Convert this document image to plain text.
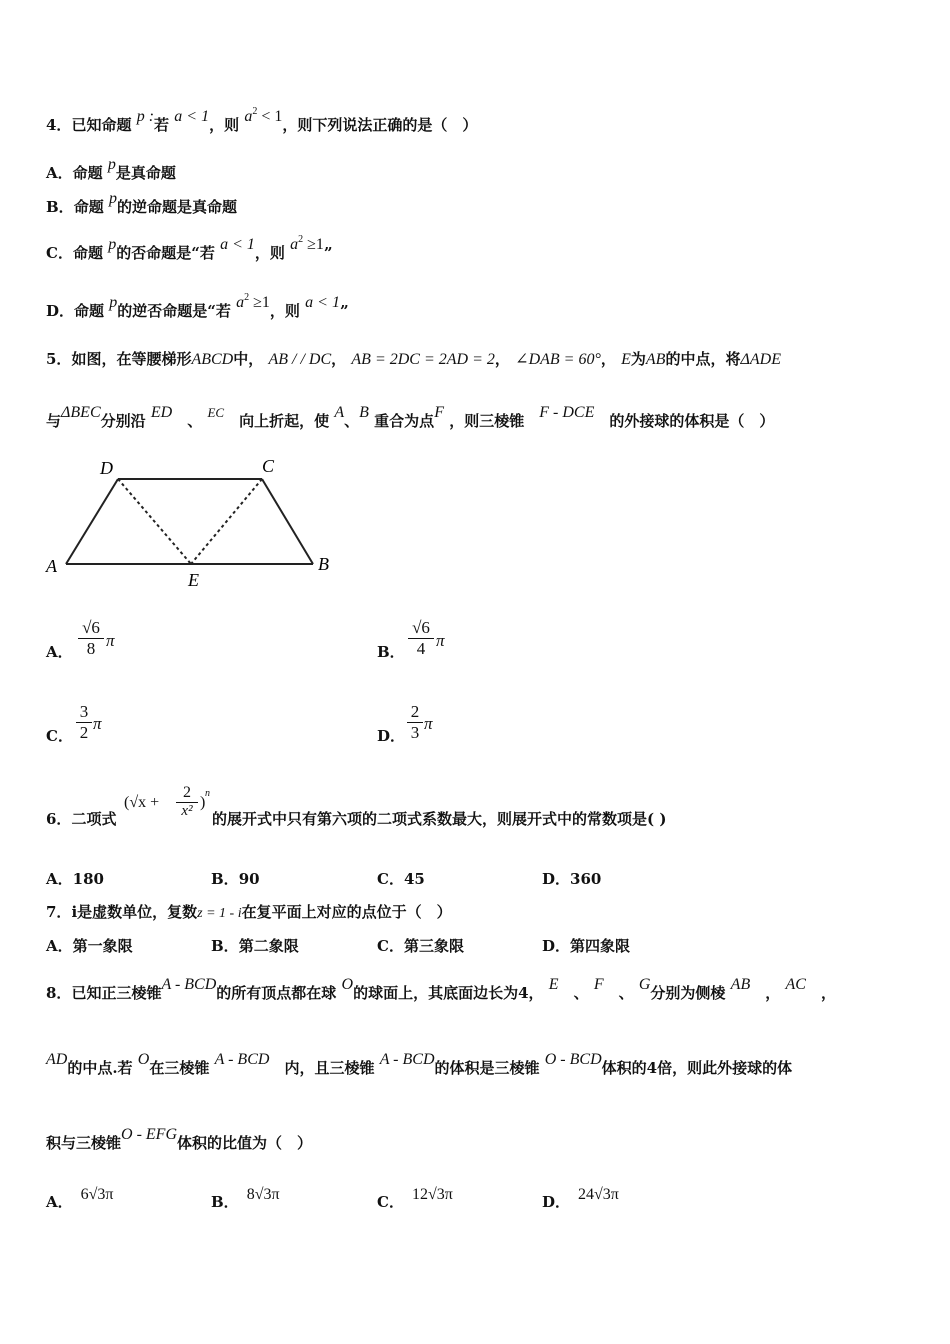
4．已知命题 p :若 a < 1，则 $a^2 < 1$，则下列说法正确的是（　）
A．命题 p是真命题
B．命题 p的逆命题是真命题
C．命题 p的否命题是“若 a < 1，则 $a^2 \ge 1$”
D．命题 p的逆否命题是“若 $a^2 \ge 1$，则 a < 1”
5．如图，在等腰梯形ABCD中， AB / / DC， AB = 2DC = 2AD = 2， ∠DAB = 60°， E为AB的中点，将ΔADE
与ΔBEC分别沿 ED　 、 EC　 向上折起，使 A、B 重合为点F ，则三棱锥　 F - DCE　 的外接球的体积是（　）
A
D	C
B
E
A． $\frac{√6}{8}$ π
B． $\frac{√6}{4}$ π
C． $\frac{3}{2}$ π
D． $\frac{2}{3}$ π
6．二项式
(√x +
2
x² )
n
的展开式中只有第六项的二项式系数最大，则展开式中的常数项是( )
A．180	B．90	C．45	D．360
7．i是虚数单位，复数z = 1 - i在复平面上对应的点位于（　）
A．第一象限	B．第二象限	C．第三象限	D．第四象限
8．已知正三棱锥A - BCD的所有顶点都在球 O的球面上，其底面边长为4， E　 、 F　 、 G分别为侧棱 AB　 ， AC　 ，
AD的中点.若 O在三棱锥 A - BCD　 内，且三棱锥 A - BCD的体积是三棱锥 O - BCD体积的4倍，则此外接球的体
积与三棱锥O - EFG体积的比值为（　）
A． 6√3π	B． 8√3π	C． 12√3π	D． 24√3π
